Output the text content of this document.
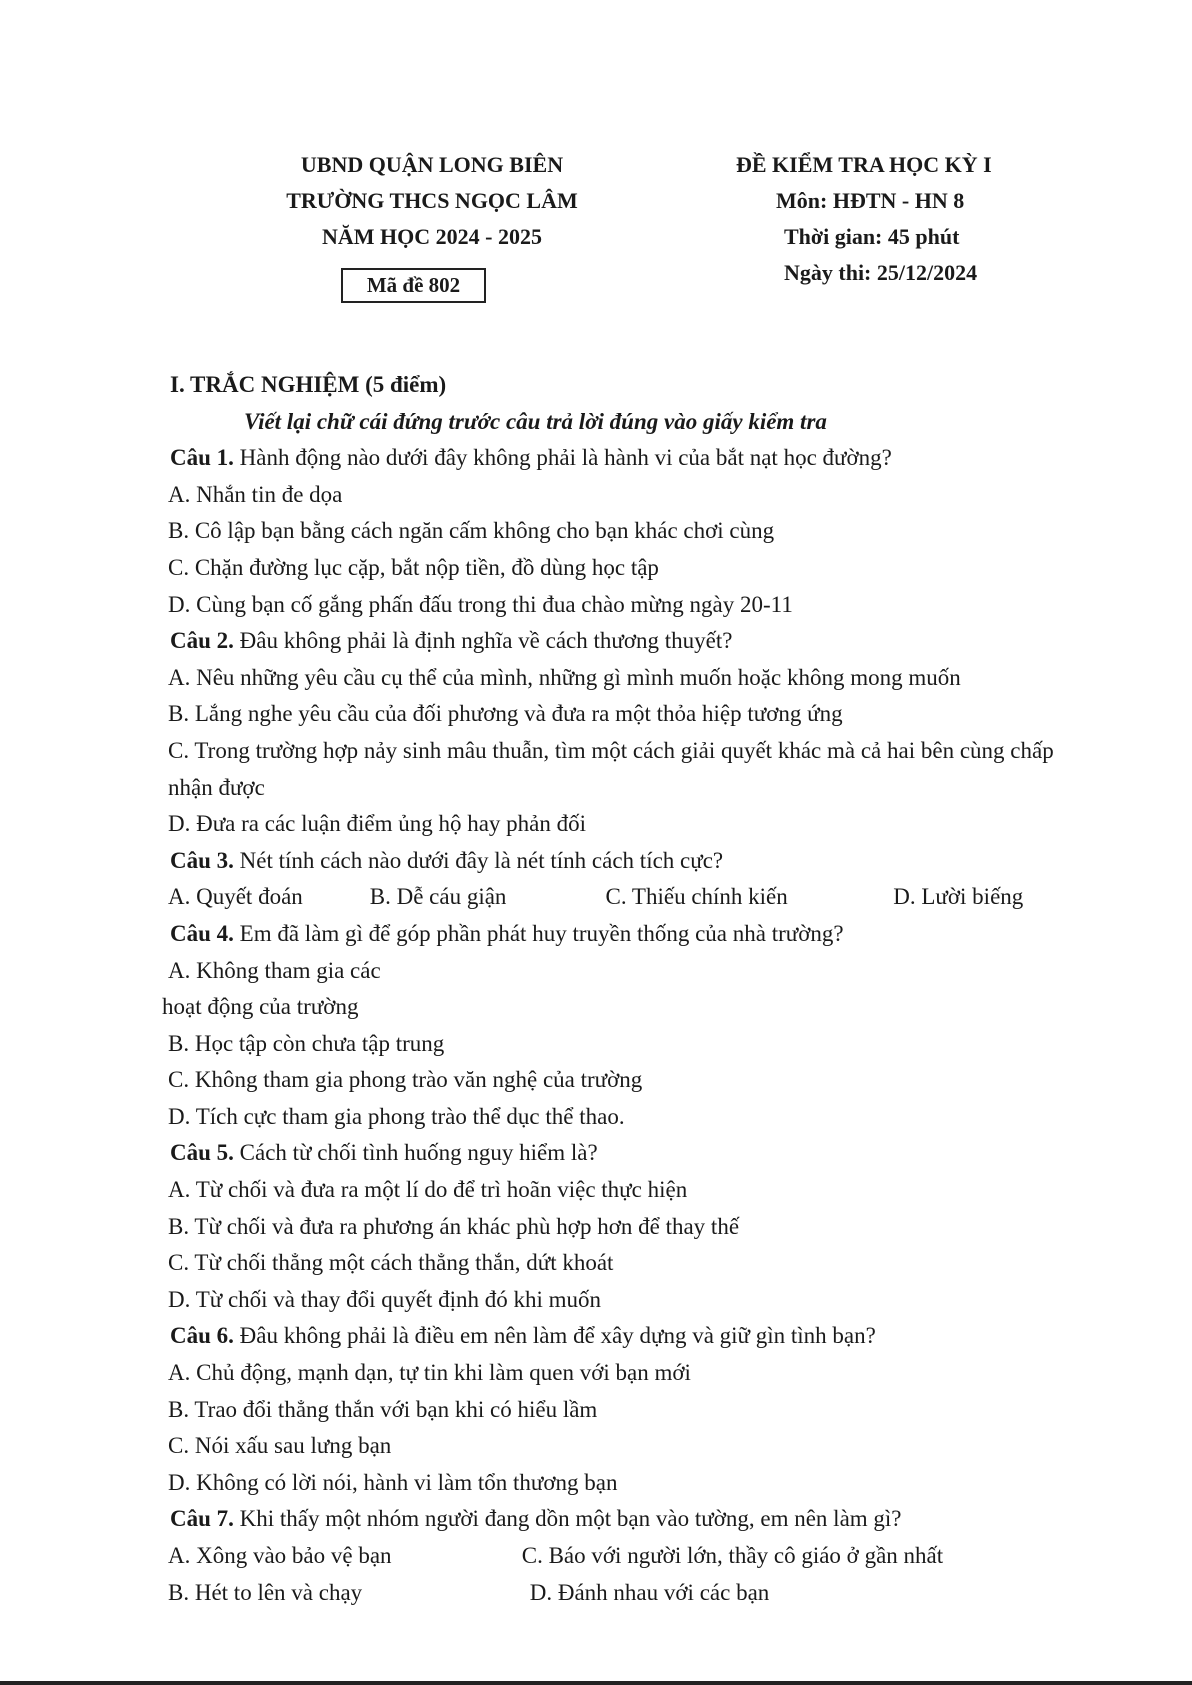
UBND QUẬN LONG BIÊN
TRƯỜNG THCS NGỌC LÂM
NĂM HỌC 2024 - 2025
Mã đề 802
ĐỀ KIỂM TRA HỌC KỲ I
Môn: HĐTN - HN 8
Thời gian: 45 phút
Ngày thi: 25/12/2024
I. TRẮC NGHIỆM (5 điểm)
Viết lại chữ cái đứng trước câu trả lời đúng vào giấy kiểm tra
Câu 1. Hành động nào dưới đây không phải là hành vi của bắt nạt học đường?
A. Nhắn tin đe dọa
B. Cô lập bạn bằng cách ngăn cấm không cho bạn khác chơi cùng
C. Chặn đường lục cặp, bắt nộp tiền, đồ dùng học tập
D. Cùng bạn cố gắng phấn đấu trong thi đua chào mừng ngày 20-11
Câu 2. Đâu không phải là định nghĩa về cách thương thuyết?
A. Nêu những yêu cầu cụ thể của mình, những gì mình muốn hoặc không mong muốn
B. Lắng nghe yêu cầu của đối phương và đưa ra một thỏa hiệp tương ứng
C. Trong trường hợp nảy sinh mâu thuẫn, tìm một cách giải quyết khác mà cả hai bên cùng chấp nhận được
D. Đưa ra các luận điểm ủng hộ hay phản đối
Câu 3. Nét tính cách nào dưới đây là nét tính cách tích cực?
A. Quyết đoán	B. Dễ cáu giận	C. Thiếu chính kiến	D. Lười biếng
Câu 4. Em đã làm gì để góp phần phát huy truyền thống của nhà trường?
A. Không tham gia các
hoạt động của trường
B. Học tập còn chưa tập trung
C. Không tham gia phong trào văn nghệ của trường
D. Tích cực tham gia phong trào thể dục thể thao.
Câu 5. Cách từ chối tình huống nguy hiểm là?
A. Từ chối và đưa ra một lí do để trì hoãn việc thực hiện
B. Từ chối và đưa ra phương án khác phù hợp hơn để thay thế
C. Từ chối thẳng một cách thẳng thắn, dứt khoát
D. Từ chối và thay đổi quyết định đó khi muốn
Câu 6. Đâu không phải là điều em nên làm để xây dựng và giữ gìn tình bạn?
A. Chủ động, mạnh dạn, tự tin khi làm quen với bạn mới
B. Trao đổi thẳng thắn với bạn khi có hiểu lầm
C. Nói xấu sau lưng bạn
D. Không có lời nói, hành vi làm tổn thương bạn
Câu 7. Khi thấy một nhóm người đang dồn một bạn vào tường, em nên làm gì?
A. Xông vào bảo vệ bạn	C. Báo với người lớn, thầy cô giáo ở gần nhất
B. Hét to lên và chạy	D. Đánh nhau với các bạn
